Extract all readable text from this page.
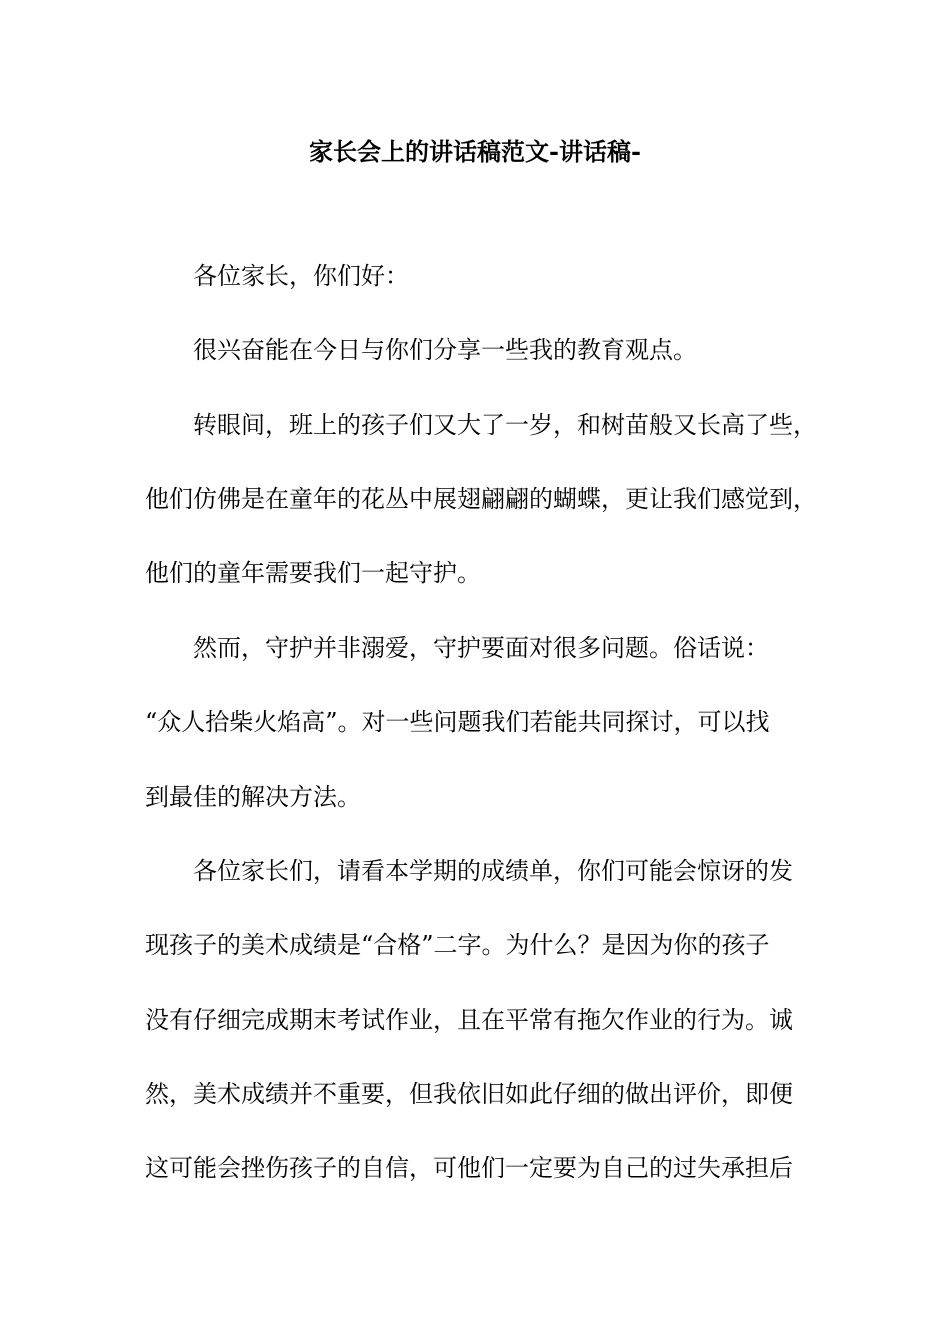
家长会上的讲话稿范文-讲话稿-
各位家长，你们好：
很兴奋能在今日与你们分享一些我的教育观点。
转眼间，班上的孩子们又大了一岁，和树苗般又长高了些，
他们仿佛是在童年的花丛中展翅翩翩的蝴蝶，更让我们感觉到，
他们的童年需要我们一起守护。
然而，守护并非溺爱，守护要面对很多问题。俗话说：
“众人拾柴火焰高”。对一些问题我们若能共同探讨，可以找
到最佳的解决方法。
各位家长们，请看本学期的成绩单，你们可能会惊讶的发
现孩子的美术成绩是“合格”二字。为什么？是因为你的孩子
没有仔细完成期末考试作业，且在平常有拖欠作业的行为。诚
然，美术成绩并不重要，但我依旧如此仔细的做出评价，即便
这可能会挫伤孩子的自信，可他们一定要为自己的过失承担后
